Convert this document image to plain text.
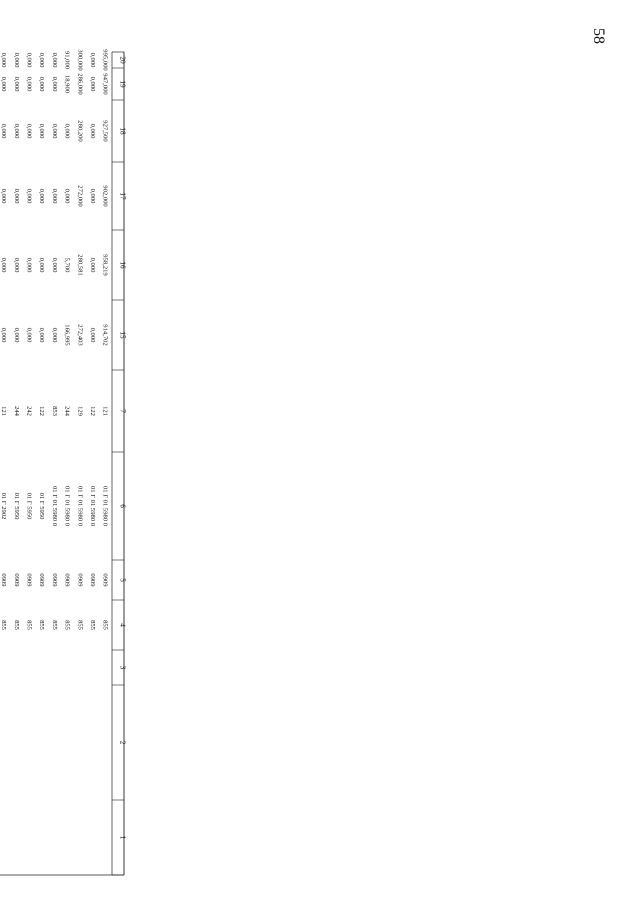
58
1
2
3
4
5
6
7
15
16
17
18
19
20
855
0909
01 Г 01 5980 0
121
914,702
958,219
902,000
927,500
947,000
995,000
855
0909
01 Г 01 5980 0
122
0,000
0,000
0,000
0,000
0,000
0,000
855
0909
01 Г 01 5980 0
129
272,403
280,581
272,000
280,200
286,000
300,000
855
0909
01 Г 01 5980 0
244
166,995
5,700
0,000
0,000
18,900
91,000
855
0909
01 Г 01 5980 0
853
0,000
0,000
0,000
0,000
0,000
0,000
855
0909
01 Г 5950
122
0,000
0,000
0,000
0,000
0,000
0,000
855
0909
01 Г 5950
242
0,000
0,000
0,000
0,000
0,000
0,000
855
0909
01 Г 5950
244
0,000
0,000
0,000
0,000
0,000
0,000
855
0909
01 Г 2902
121
0,000
0,000
0,000
0,000
0,000
0,000
